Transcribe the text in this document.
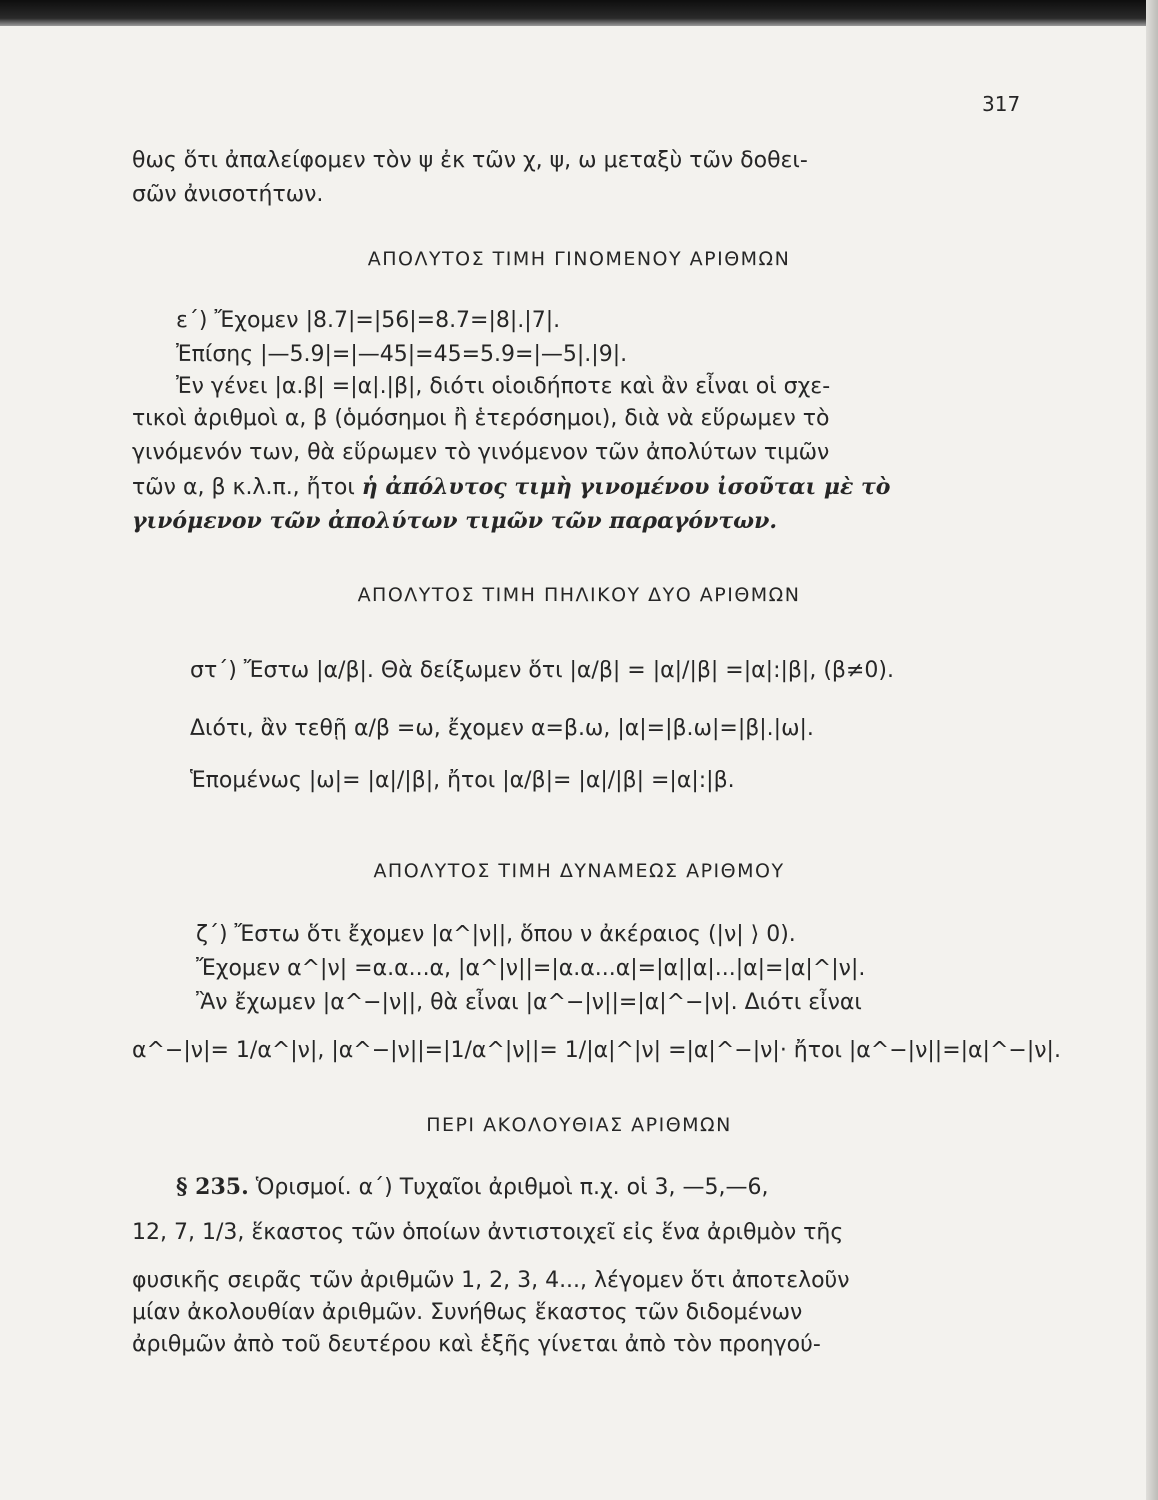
317
θως ὅτι ἀπαλείφομεν τὸν ψ ἐκ τῶν χ, ψ, ω μεταξὺ τῶν δοθει-
σῶν ἀνισοτήτων.
ΑΠΟΛΥΤΟΣ ΤΙΜΗ ΓΙΝΟΜΕΝΟΥ ΑΡΙΘΜΩΝ
ε΄) Ἔχομεν |8.7|=|56|=8.7=|8|.|7|.
Ἐπίσης |—5.9|=|—45|=45=5.9=|—5|.|9|.
Ἐν γένει |α.β| =|α|.|β|, διότι οἱοιδήποτε καὶ ἂν εἶναι οἱ σχε-
τικοὶ ἀριθμοὶ α, β (ὁμόσημοι ἢ ἑτερόσημοι), διὰ νὰ εὕρωμεν τὸ
γινόμενόν των, θὰ εὕρωμεν τὸ γινόμενον τῶν ἀπολύτων τιμῶν
τῶν α, β κ.λ.π., ἤτοι ἡ ἀπόλυτος τιμὴ γινομένου ἰσοῦται μὲ τὸ
γινόμενον τῶν ἀπολύτων τιμῶν τῶν παραγόντων.
ΑΠΟΛΥΤΟΣ ΤΙΜΗ ΠΗΛΙΚΟΥ ΔΥΟ ΑΡΙΘΜΩΝ
στ΄) Ἔστω |α/β|. Θὰ δείξωμεν ὅτι |α/β| = |α|/|β| =|α|:|β|, (β≠0).
Διότι, ἂν τεθῇ α/β =ω, ἔχομεν α=β.ω, |α|=|β.ω|=|β|.|ω|.
Ἑπομένως |ω|= |α|/|β|, ἤτοι |α/β|= |α|/|β| =|α|:|β.
ΑΠΟΛΥΤΟΣ ΤΙΜΗ ΔΥΝΑΜΕΩΣ ΑΡΙΘΜΟΥ
ζ΄) Ἔστω ὅτι ἔχομεν |α^|ν||, ὅπου ν ἀκέραιος (|ν| ⟩ 0).
Ἔχομεν α^|ν| =α.α...α, |α^|ν||=|α.α...α|=|α||α|...|α|=|α|^|ν|.
Ἂν ἔχωμεν |α^−|ν||, θὰ εἶναι |α^−|ν||=|α|^−|ν|. Διότι εἶναι
α^−|ν|= 1/α^|ν|, |α^−|ν||=|1/α^|ν||= 1/|α|^|ν| =|α|^−|ν|· ἤτοι |α^−|ν||=|α|^−|ν|.
ΠΕΡΙ ΑΚΟΛΟΥΘΙΑΣ ΑΡΙΘΜΩΝ
§ 235. Ὁρισμοί. α΄) Τυχαῖοι ἀριθμοὶ π.χ. οἱ 3, —5,—6,
12, 7, 1/3, ἕκαστος τῶν ὁποίων ἀντιστοιχεῖ εἰς ἕνα ἀριθμὸν τῆς
φυσικῆς σειρᾶς τῶν ἀριθμῶν 1, 2, 3, 4..., λέγομεν ὅτι ἀποτελοῦν
μίαν ἀκολουθίαν ἀριθμῶν. Συνήθως ἕκαστος τῶν διδομένων
ἀριθμῶν ἀπὸ τοῦ δευτέρου καὶ ἑξῆς γίνεται ἀπὸ τὸν προηγού-
